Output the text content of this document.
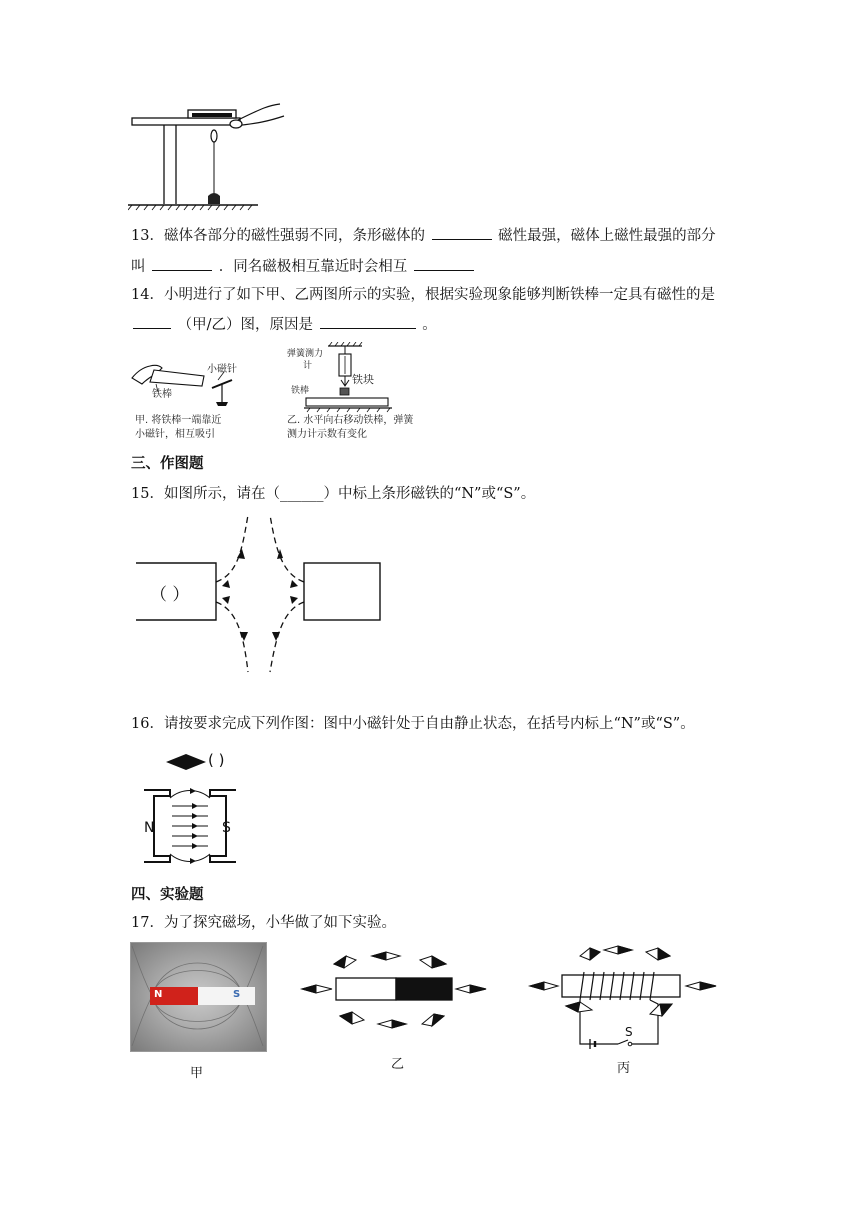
13．磁体各部分的磁性强弱不同，条形磁体的	磁性最强，磁体上磁性最强的部分
叫	．同名磁极相互靠近时会相互
14．小明进行了如下甲、乙两图所示的实验，根据实验现象能够判断铁棒一定具有磁性的是
（甲/乙）图，原因是	。
小磁针
铁棒
甲. 将铁棒一端靠近
小磁针，相互吸引
弹簧测力
计
铁块
铁棒
乙. 水平向右移动铁棒，弹簧
测力计示数有变化
三、作图题
15．如图所示，请在（______）中标上条形磁铁的“N”或“S”。
（ ）
16．请按要求完成下列作图：图中小磁针处于自由静止状态，在括号内标上“N”或“S”。
( )
N	S
四、实验题
17．为了探究磁场，小华做了如下实验。
N	S
甲
乙
S
丙
